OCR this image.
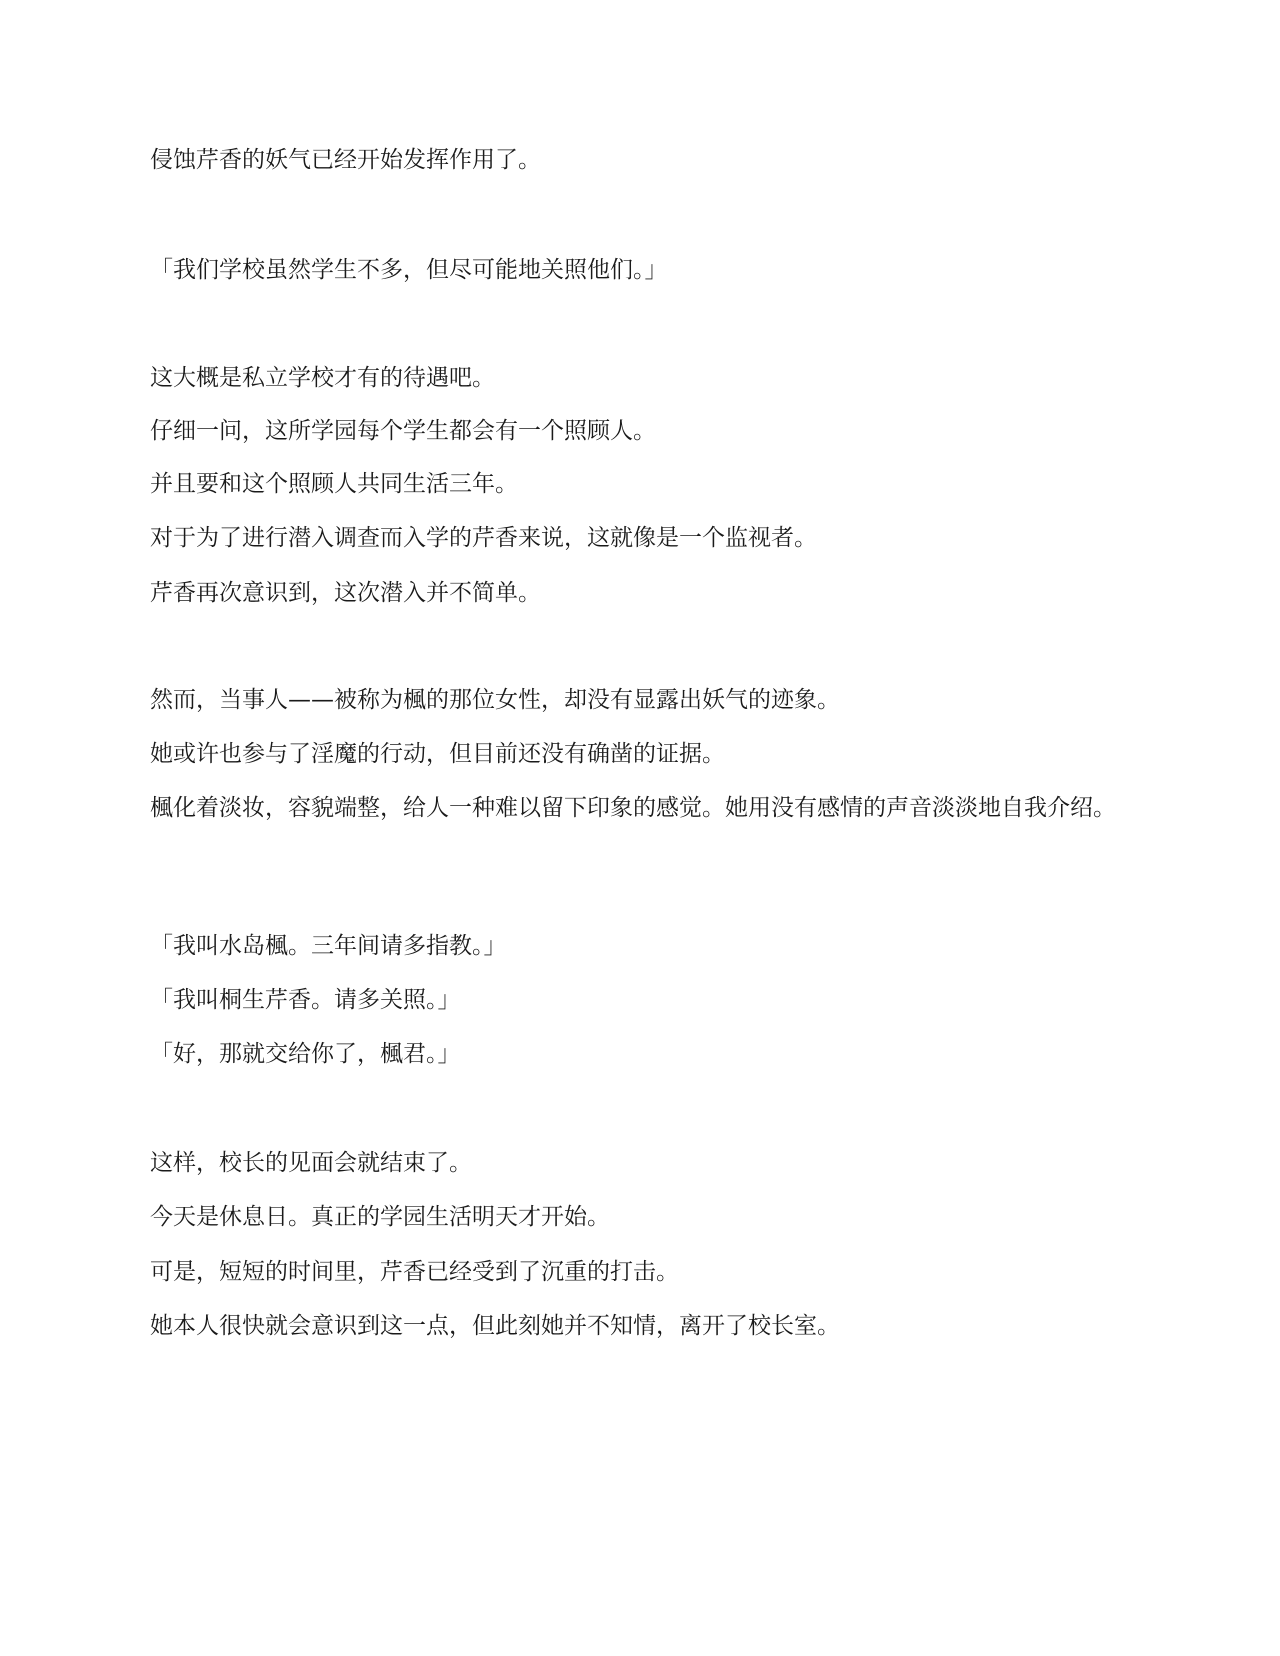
侵蚀芹香的妖气已经开始发挥作用了。

「我们学校虽然学生不多，但尽可能地关照他们。」

这大概是私立学校才有的待遇吧。

仔细一问，这所学园每个学生都会有一个照顾人。

并且要和这个照顾人共同生活三年。

对于为了进行潜入调查而入学的芹香来说，这就像是一个监视者。

芹香再次意识到，这次潜入并不简单。

然而，当事人——被称为楓的那位女性，却没有显露出妖气的迹象。

她或许也参与了淫魔的行动，但目前还没有确凿的证据。

楓化着淡妆，容貌端整，给人一种难以留下印象的感觉。她用没有感情的声音淡淡地自我介绍。

「我叫水岛楓。三年间请多指教。」

「我叫桐生芹香。请多关照。」

「好，那就交给你了，楓君。」

这样，校长的见面会就结束了。

今天是休息日。真正的学园生活明天才开始。

可是，短短的时间里，芹香已经受到了沉重的打击。

她本人很快就会意识到这一点，但此刻她并不知情，离开了校长室。
